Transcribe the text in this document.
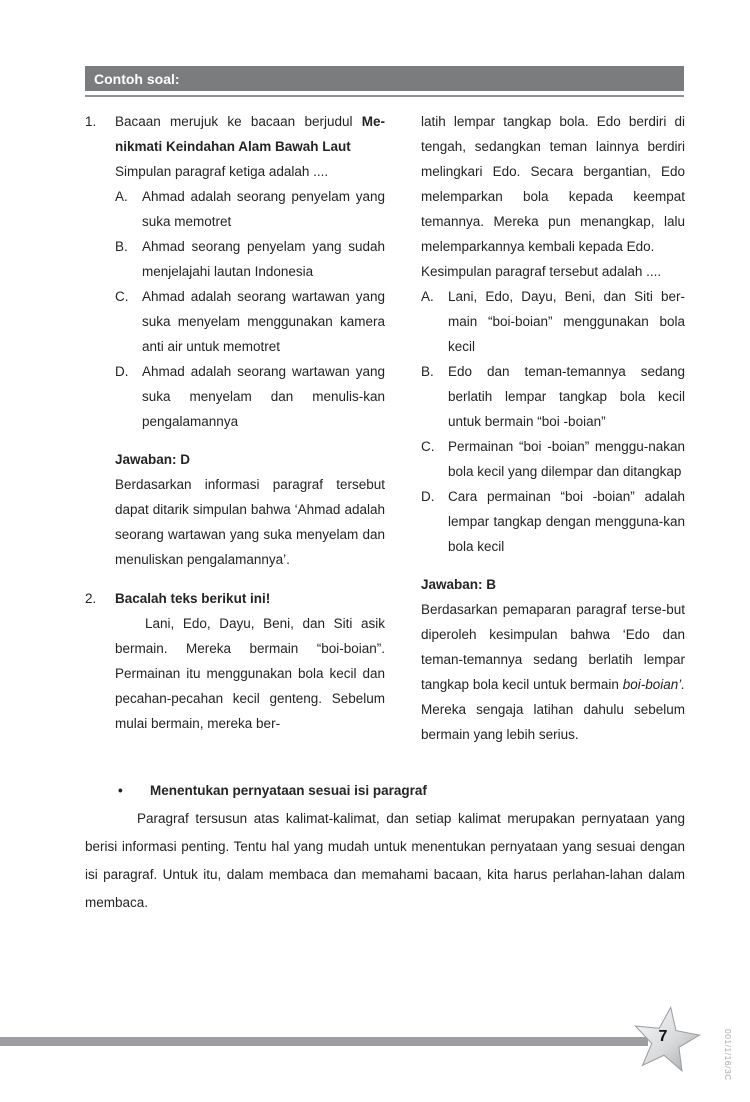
Contoh soal:
1.	Bacaan merujuk ke bacaan berjudul Me-nikmati Keindahan Alam Bawah Laut
Simpulan paragraf ketiga adalah ....
A.	Ahmad adalah seorang penyelam yang suka memotret
B.	Ahmad seorang penyelam yang sudah menjelajahi lautan Indonesia
C.	Ahmad adalah seorang wartawan yang suka menyelam menggunakan kamera anti air untuk memotret
D.	Ahmad adalah seorang wartawan yang suka menyelam dan menulis-kan pengalamannya
Jawaban: D
Berdasarkan informasi paragraf tersebut dapat ditarik simpulan bahwa ‘Ahmad adalah seorang wartawan yang suka menyelam dan menuliskan pengalamannya’.
2.	Bacalah teks berikut ini!
Lani, Edo, Dayu, Beni, dan Siti asik bermain. Mereka bermain “boi-boian”. Permainan itu menggunakan bola kecil dan pecahan-pecahan kecil genteng. Sebelum mulai bermain, mereka ber-
latih lempar tangkap bola. Edo berdiri di tengah, sedangkan teman lainnya berdiri melingkari Edo. Secara bergantian, Edo melemparkan bola kepada keempat temannya. Mereka pun menangkap, lalu melemparkannya kembali kepada Edo.
Kesimpulan paragraf tersebut adalah ....
A.	Lani, Edo, Dayu, Beni, dan Siti ber-main “boi-boian” menggunakan bola kecil
B.	Edo dan teman-temannya sedang berlatih lempar tangkap bola kecil untuk bermain “boi -boian”
C.	Permainan “boi -boian” menggu-nakan bola kecil yang dilempar dan ditangkap
D.	Cara permainan “boi -boian” adalah lempar tangkap dengan mengguna-kan bola kecil
Jawaban: B
Berdasarkan pemaparan paragraf terse-but diperoleh kesimpulan bahwa ‘Edo dan teman-temannya sedang berlatih lempar tangkap bola kecil untuk bermain boi-boian’. Mereka sengaja latihan dahulu sebelum bermain yang lebih serius.
•	Menentukan pernyataan sesuai isi paragraf
Paragraf tersusun atas kalimat-kalimat, dan setiap kalimat merupakan pernyataan yang berisi informasi penting. Tentu hal yang mudah untuk menentukan pernyataan yang sesuai dengan isi paragraf. Untuk itu, dalam membaca dan memahami bacaan, kita harus perlahan-lahan dalam membaca.
7	001/1/16/3C
